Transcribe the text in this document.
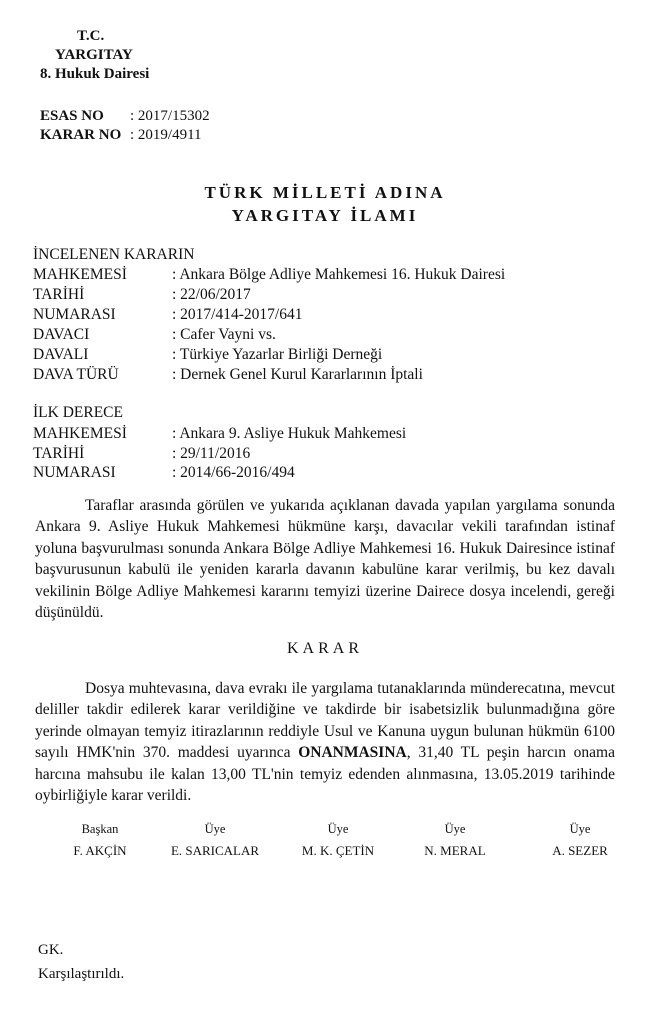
T.C.
YARGITAY
8. Hukuk Dairesi
ESAS NO : 2017/15302
KARAR NO : 2019/4911
TÜRK MİLLETİ ADINA
YARGITAY İLAMI
İNCELENEN KARARIN
MAHKEMESİ	: Ankara Bölge Adliye Mahkemesi 16. Hukuk Dairesi
TARİHİ	: 22/06/2017
NUMARASI	: 2017/414-2017/641
DAVACI	: Cafer Vayni vs.
DAVALI	: Türkiye Yazarlar Birliği Derneği
DAVA TÜRÜ	: Dernek Genel Kurul Kararlarının İptali
İLK DERECE
MAHKEMESİ	: Ankara 9. Asliye Hukuk Mahkemesi
TARİHİ	: 29/11/2016
NUMARASI	: 2014/66-2016/494

Taraflar arasında görülen ve yukarıda açıklanan davada yapılan yargılama sonunda Ankara 9. Asliye Hukuk Mahkemesi hükmüne karşı, davacılar vekili tarafından istinaf yoluna başvurulması sonunda Ankara Bölge Adliye Mahkemesi 16. Hukuk Dairesince istinaf başvurusunun kabulü ile yeniden kararla davanın kabulüne karar verilmiş, bu kez davalı vekilinin Bölge Adliye Mahkemesi kararını temyizi üzerine Dairece dosya incelendi, gereği düşünüldü.

KARAR

Dosya muhtevasına, dava evrakı ile yargılama tutanaklarında münderecatına, mevcut deliller takdir edilerek karar verildiğine ve takdirde bir isabetsizlik bulunmadığına göre yerinde olmayan temyiz itirazlarının reddiyle Usul ve Kanuna uygun bulunan hükmün 6100 sayılı HMK'nin 370. maddesi uyarınca ONANMASINA, 31,40 TL peşin harcın onama harcına mahsubu ile kalan 13,00 TL'nin temyiz edenden alınmasına, 13.05.2019 tarihinde oybirliğiyle karar verildi.

Başkan
F. AKÇİN
Üye
E. SARICALAR
Üye
M. K. ÇETİN
Üye
N. MERAL
Üye
A. SEZER
GK.
Karşılaştırıldı.
